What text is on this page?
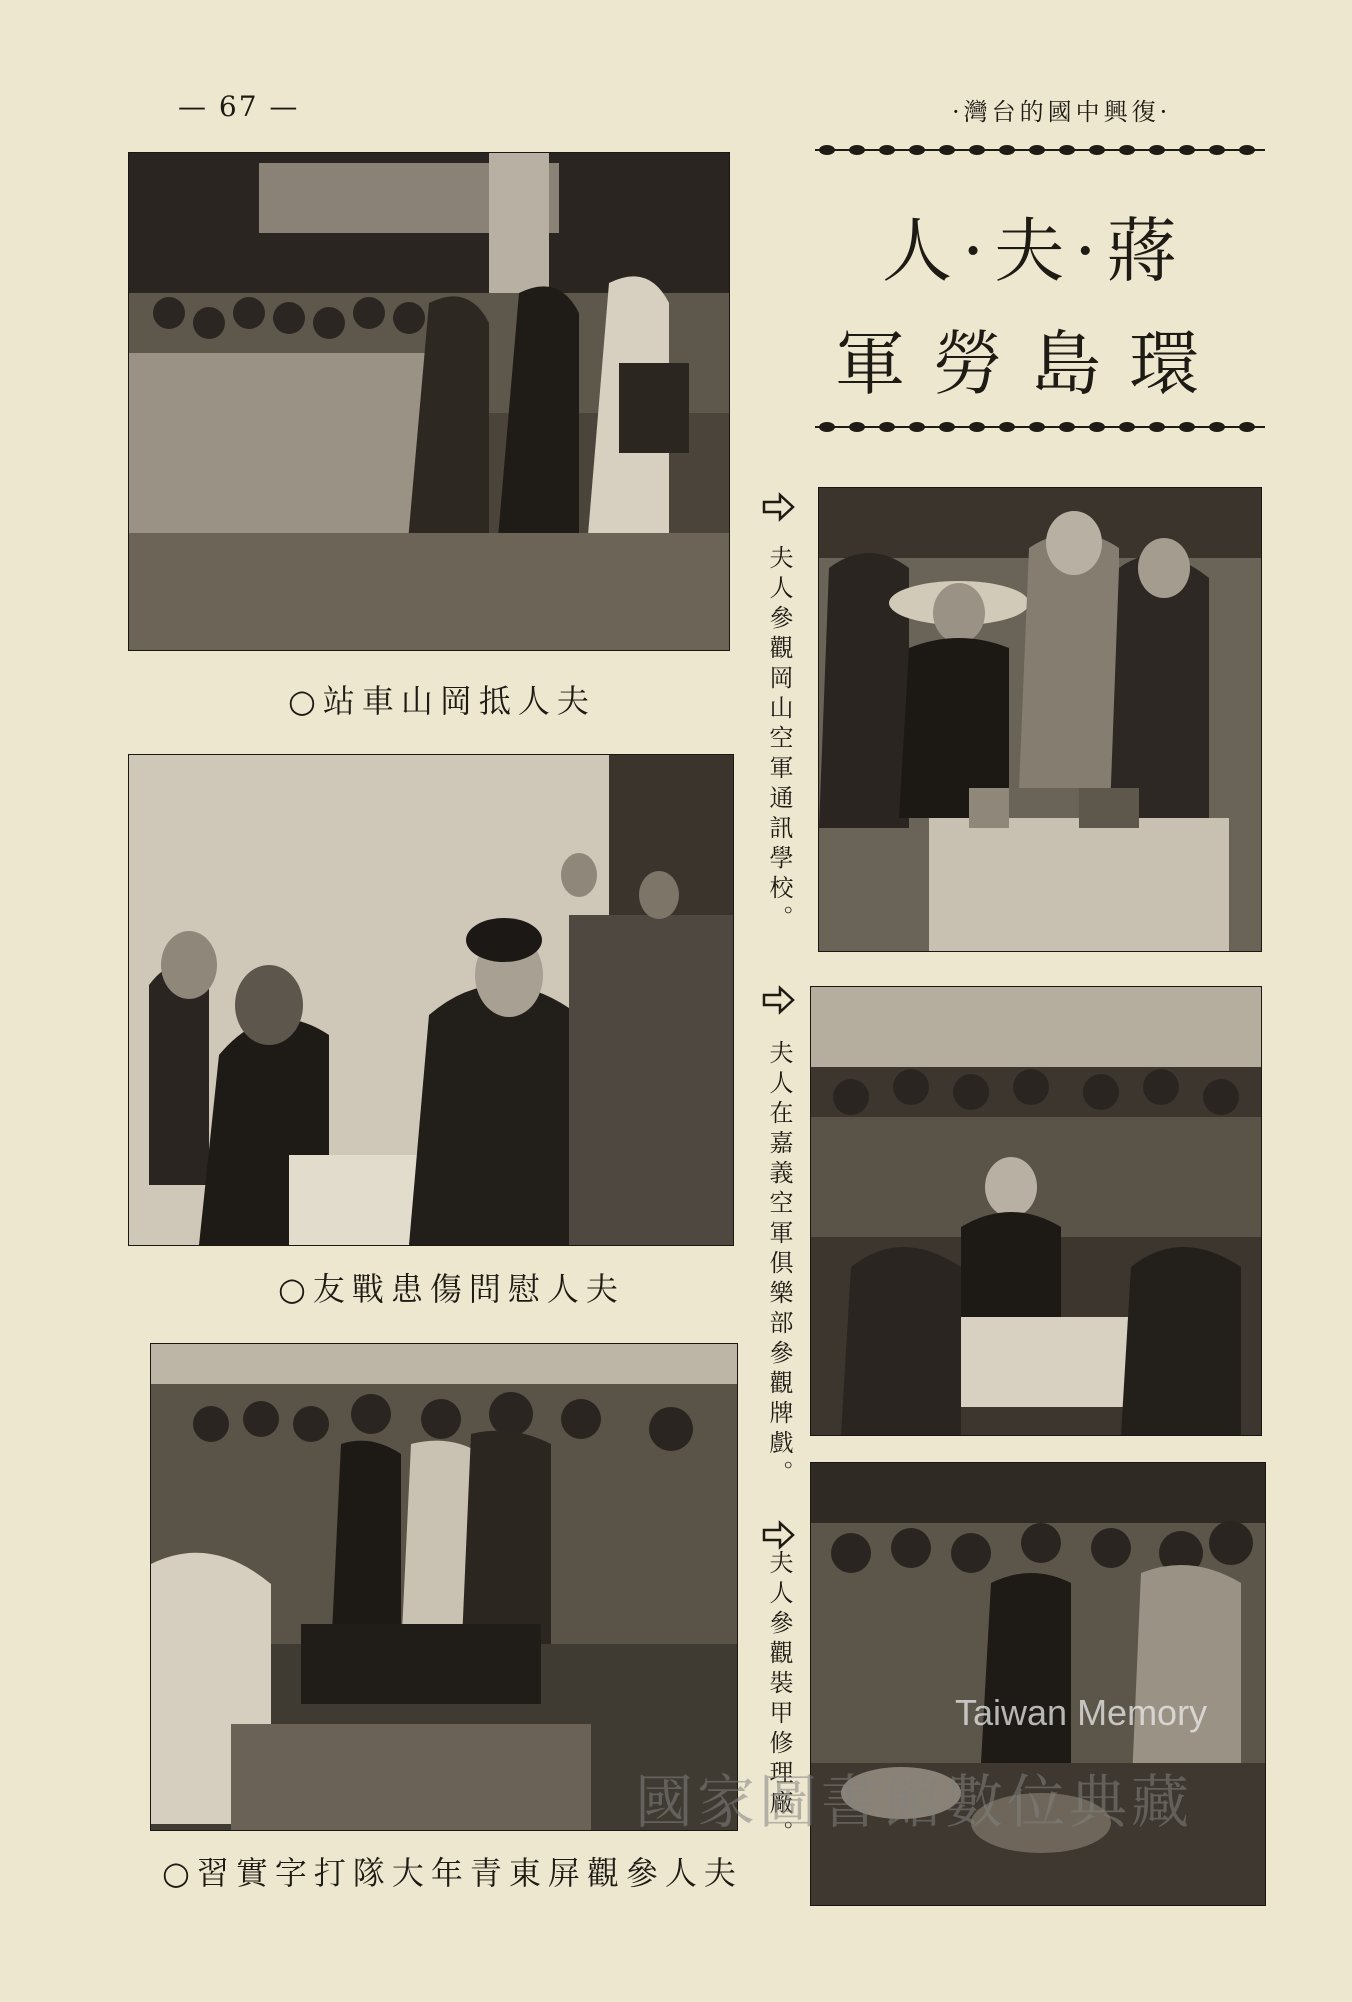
— 67 —	·灣台的國中興復·
人·夫·蔣
軍勞島環
○站車山岡抵人夫
○友戰患傷問慰人夫
○習實字打隊大年青東屏觀參人夫
夫人參觀岡山空軍通訊學校。
夫人在嘉義空軍俱樂部參觀牌戲。
夫人參觀裝甲修理廠。	Taiwan Memory
國家圖書館數位典藏
